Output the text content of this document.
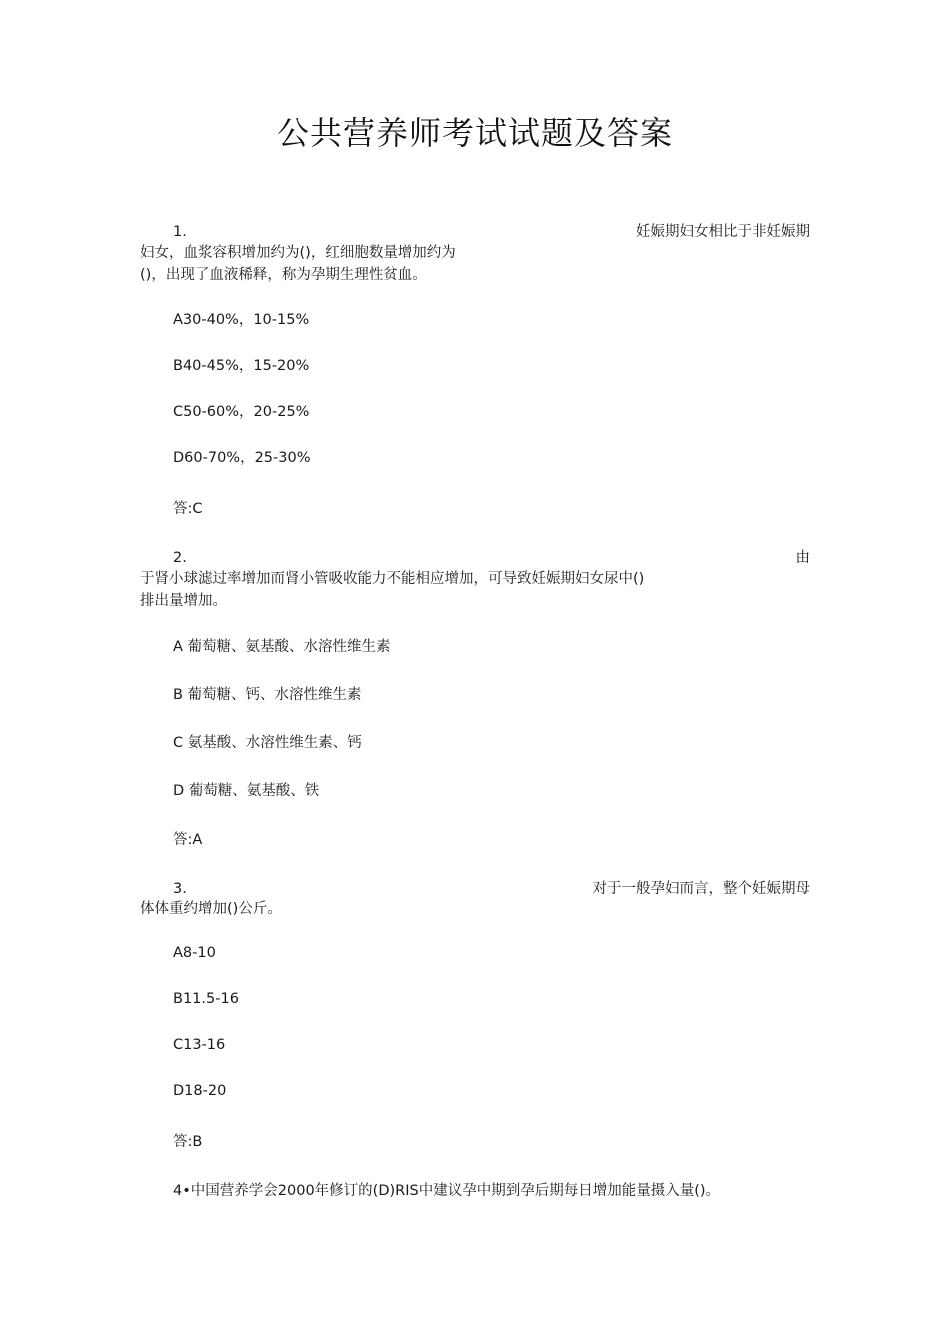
公共营养师考试试题及答案
1.	妊娠期妇女相比于非妊娠期
妇女，血浆容积增加约为()，红细胞数量增加约为
()，出现了血液稀释，称为孕期生理性贫血。
A30-40%，10-15%
B40-45%，15-20%
C50-60%，20-25%
D60-70%，25-30%
答:C
2.	由
于肾小球滤过率增加而肾小管吸收能力不能相应增加，可导致妊娠期妇女尿中()
排出量增加。
A 葡萄糖、氨基酸、水溶性维生素
B 葡萄糖、钙、水溶性维生素
C 氨基酸、水溶性维生素、钙
D 葡萄糖、氨基酸、铁
答:A
3.	对于一般孕妇而言，整个妊娠期母
体体重约增加()公斤。
A8-10
B11.5-16
C13-16
D18-20
答:B
4•中国营养学会2000年修订的(D)RIS中建议孕中期到孕后期每日增加能量摄入量()。
